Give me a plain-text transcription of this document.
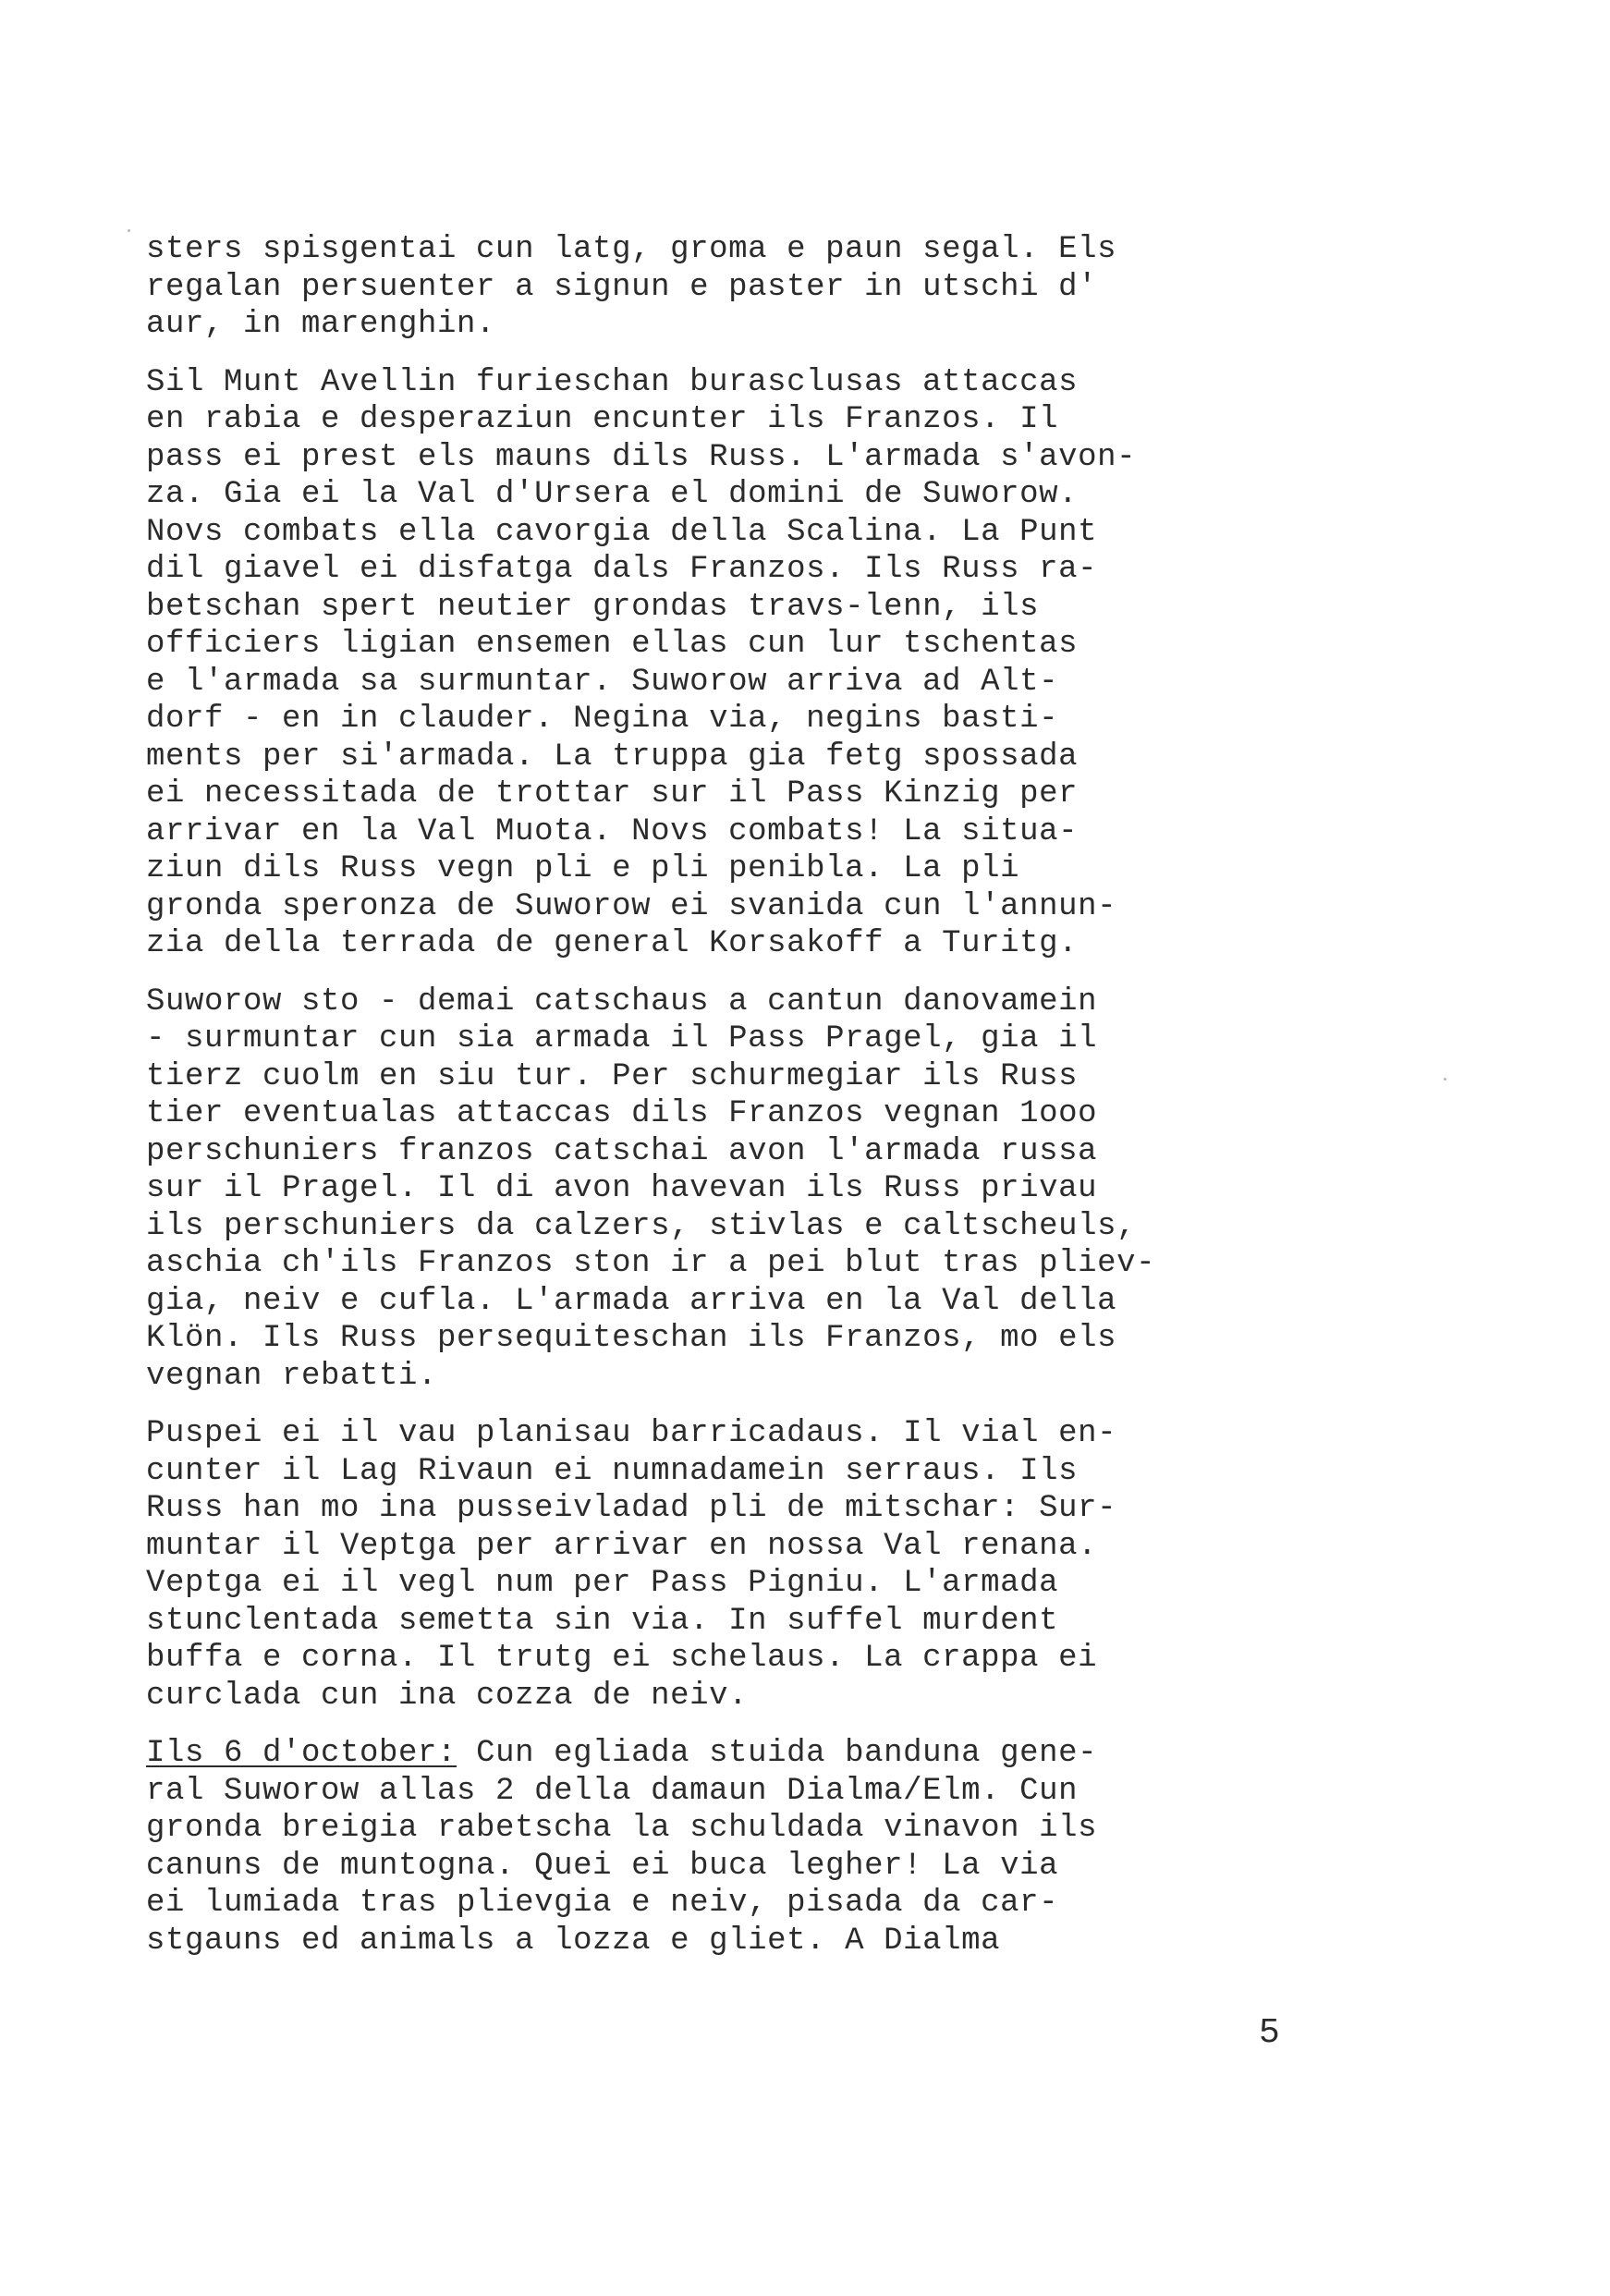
sters spisgentai cun latg, groma e paun segal. Els
regalan persuenter a signun e paster in utschi d'
aur, in marenghin.
Sil Munt Avellin furieschan burasclusas attaccas
en rabia e desperaziun encunter ils Franzos. Il
pass ei prest els mauns dils Russ. L'armada s'avon-
za. Gia ei la Val d'Ursera el domini de Suworow.
Novs combats ella cavorgia della Scalina. La Punt
dil giavel ei disfatga dals Franzos. Ils Russ ra-
betschan spert neutier grondas travs-lenn, ils
officiers ligian ensemen ellas cun lur tschentas
e l'armada sa surmuntar. Suworow arriva ad Alt-
dorf - en in clauder. Negina via, negins basti-
ments per si'armada. La truppa gia fetg spossada
ei necessitada de trottar sur il Pass Kinzig per
arrivar en la Val Muota. Novs combats! La situa-
ziun dils Russ vegn pli e pli penibla. La pli
gronda speronza de Suworow ei svanida cun l'annun-
zia della terrada de general Korsakoff a Turitg.
Suworow sto - demai catschaus a cantun danovamein
- surmuntar cun sia armada il Pass Pragel, gia il
tierz cuolm en siu tur. Per schurmegiar ils Russ
tier eventualas attaccas dils Franzos vegnan 1ooo
perschuniers franzos catschai avon l'armada russa
sur il Pragel. Il di avon havevan ils Russ privau
ils perschuniers da calzers, stivlas e caltscheuls,
aschia ch'ils Franzos ston ir a pei blut tras pliev-
gia, neiv e cufla. L'armada arriva en la Val della
Klön. Ils Russ persequiteschan ils Franzos, mo els
vegnan rebatti.
Puspei ei il vau planisau barricadaus. Il vial en-
cunter il Lag Rivaun ei numnadamein serraus. Ils
Russ han mo ina pusseivladad pli de mitschar: Sur-
muntar il Veptga per arrivar en nossa Val renana.
Veptga ei il vegl num per Pass Pigniu. L'armada
stunclentada semetta sin via. In suffel murdent
buffa e corna. Il trutg ei schelaus. La crappa ei
curclada cun ina cozza de neiv.
Ils 6 d'october: Cun egliada stuida banduna gene-
ral Suworow allas 2 della damaun Dialma/Elm. Cun
gronda breigia rabetscha la schuldada vinavon ils
canuns de muntogna. Quei ei buca legher! La via
ei lumiada tras plievgia e neiv, pisada da car-
stgauns ed animals a lozza e gliet. A Dialma
5
